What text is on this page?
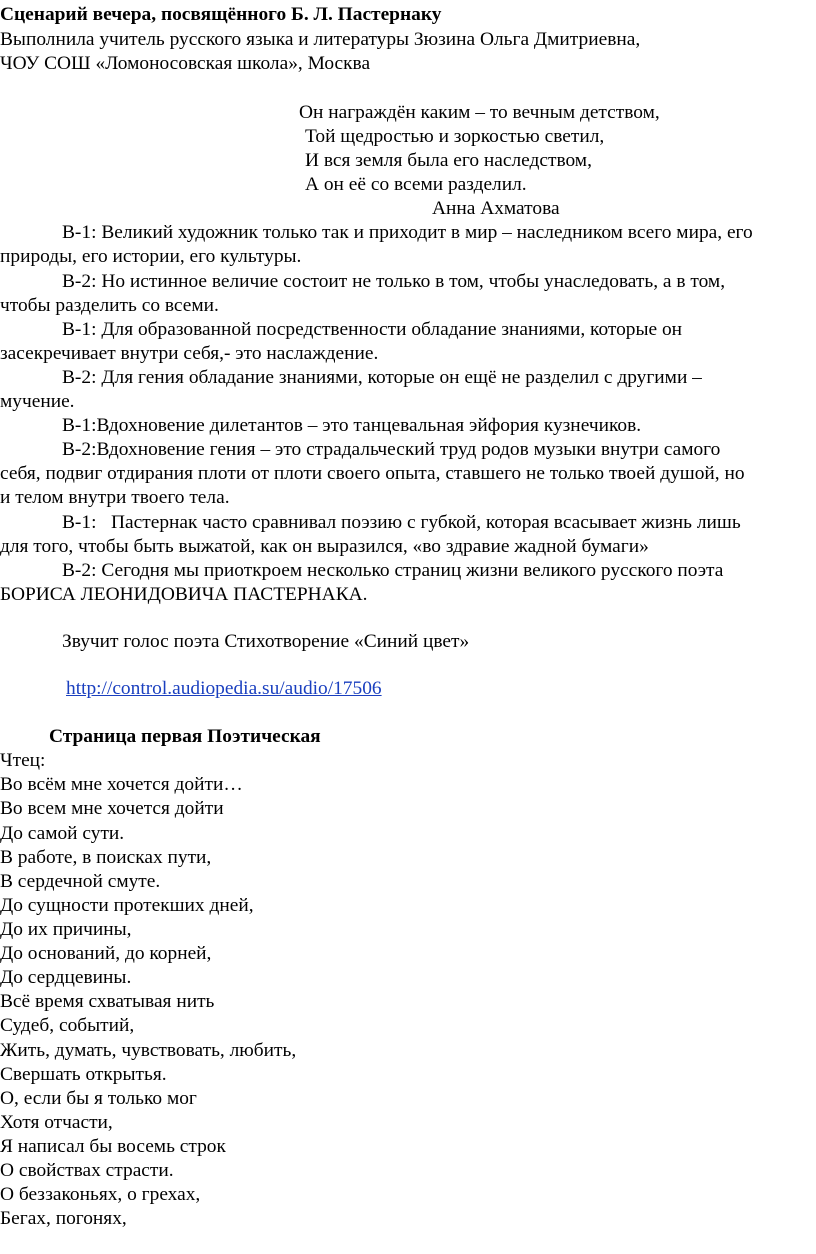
Сценарий вечера, посвящённого Б. Л. Пастернаку
Выполнила учитель русского языка и литературы Зюзина Ольга Дмитриевна,
ЧОУ СОШ «Ломоносовская школа», Москва
Он награждён каким – то вечным детством,
Той щедростью и зоркостью светил,
И вся земля была его наследством,
А он её со всеми разделил.
Анна Ахматова
В-1: Великий художник только так и приходит в мир – наследником всего мира, его
природы, его истории, его культуры.
В-2: Но истинное величие состоит не только в том, чтобы унаследовать, а в том,
чтобы разделить со всеми.
В-1: Для образованной посредственности обладание знаниями, которые он
засекречивает внутри себя,- это наслаждение.
В-2: Для гения обладание знаниями, которые он ещё не разделил с другими –
мучение.
В-1:Вдохновение дилетантов – это танцевальная эйфория кузнечиков.
В-2:Вдохновение гения – это страдальческий труд родов музыки внутри самого
себя, подвиг отдирания плоти от плоти своего опыта, ставшего не только твоей душой, но
и телом внутри твоего тела.
В-1:   Пастернак часто сравнивал поэзию с губкой, которая всасывает жизнь лишь
для того, чтобы быть выжатой, как он выразился, «во здравие жадной бумаги»
В-2: Сегодня мы приоткроем несколько страниц жизни великого русского поэта
БОРИСА ЛЕОНИДОВИЧА ПАСТЕРНАКА.
Звучит голос поэта Стихотворение «Синий цвет»
http://control.audiopedia.su/audio/17506
Страница первая Поэтическая
Чтец:
Во всём мне хочется дойти…
Во всем мне хочется дойти
До самой сути.
В работе, в поисках пути,
В сердечной смуте.
До сущности протекших дней,
До их причины,
До оснований, до корней,
До сердцевины.
Всё время схватывая нить
Судеб, событий,
Жить, думать, чувствовать, любить,
Свершать открытья.
О, если бы я только мог
Хотя отчасти,
Я написал бы восемь строк
О свойствах страсти.
О беззаконьях, о грехах,
Бегах, погонях,
